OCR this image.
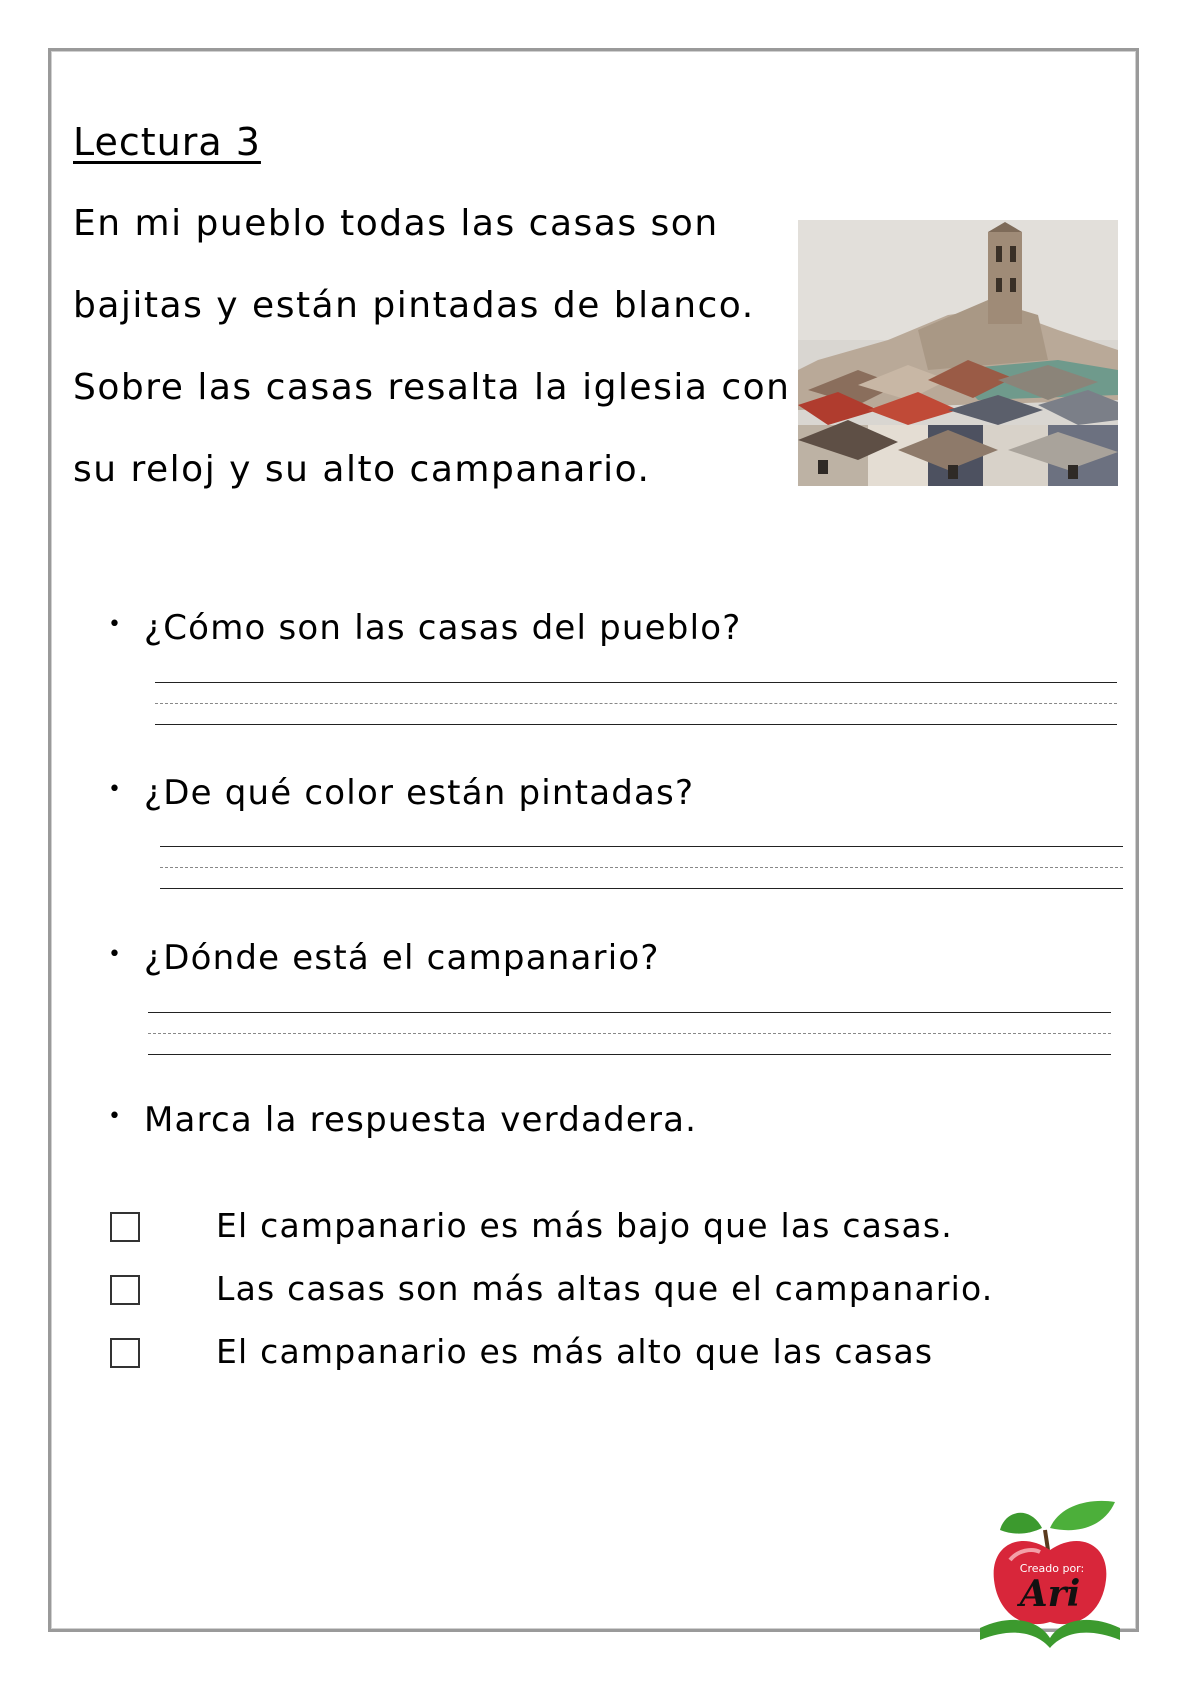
Lectura 3
En mi pueblo todas las casas son
bajitas y están pintadas de blanco.
Sobre las casas resalta la iglesia con
su reloj y su alto campanario.
• ¿Cómo son las casas del pueblo?
• ¿De qué color están pintadas?
• ¿Dónde está el campanario?
• Marca la respuesta verdadera.
El campanario es más bajo que las casas.
Las casas son más altas que el campanario.
El campanario es más alto que las casas
Creado por:
Ari
